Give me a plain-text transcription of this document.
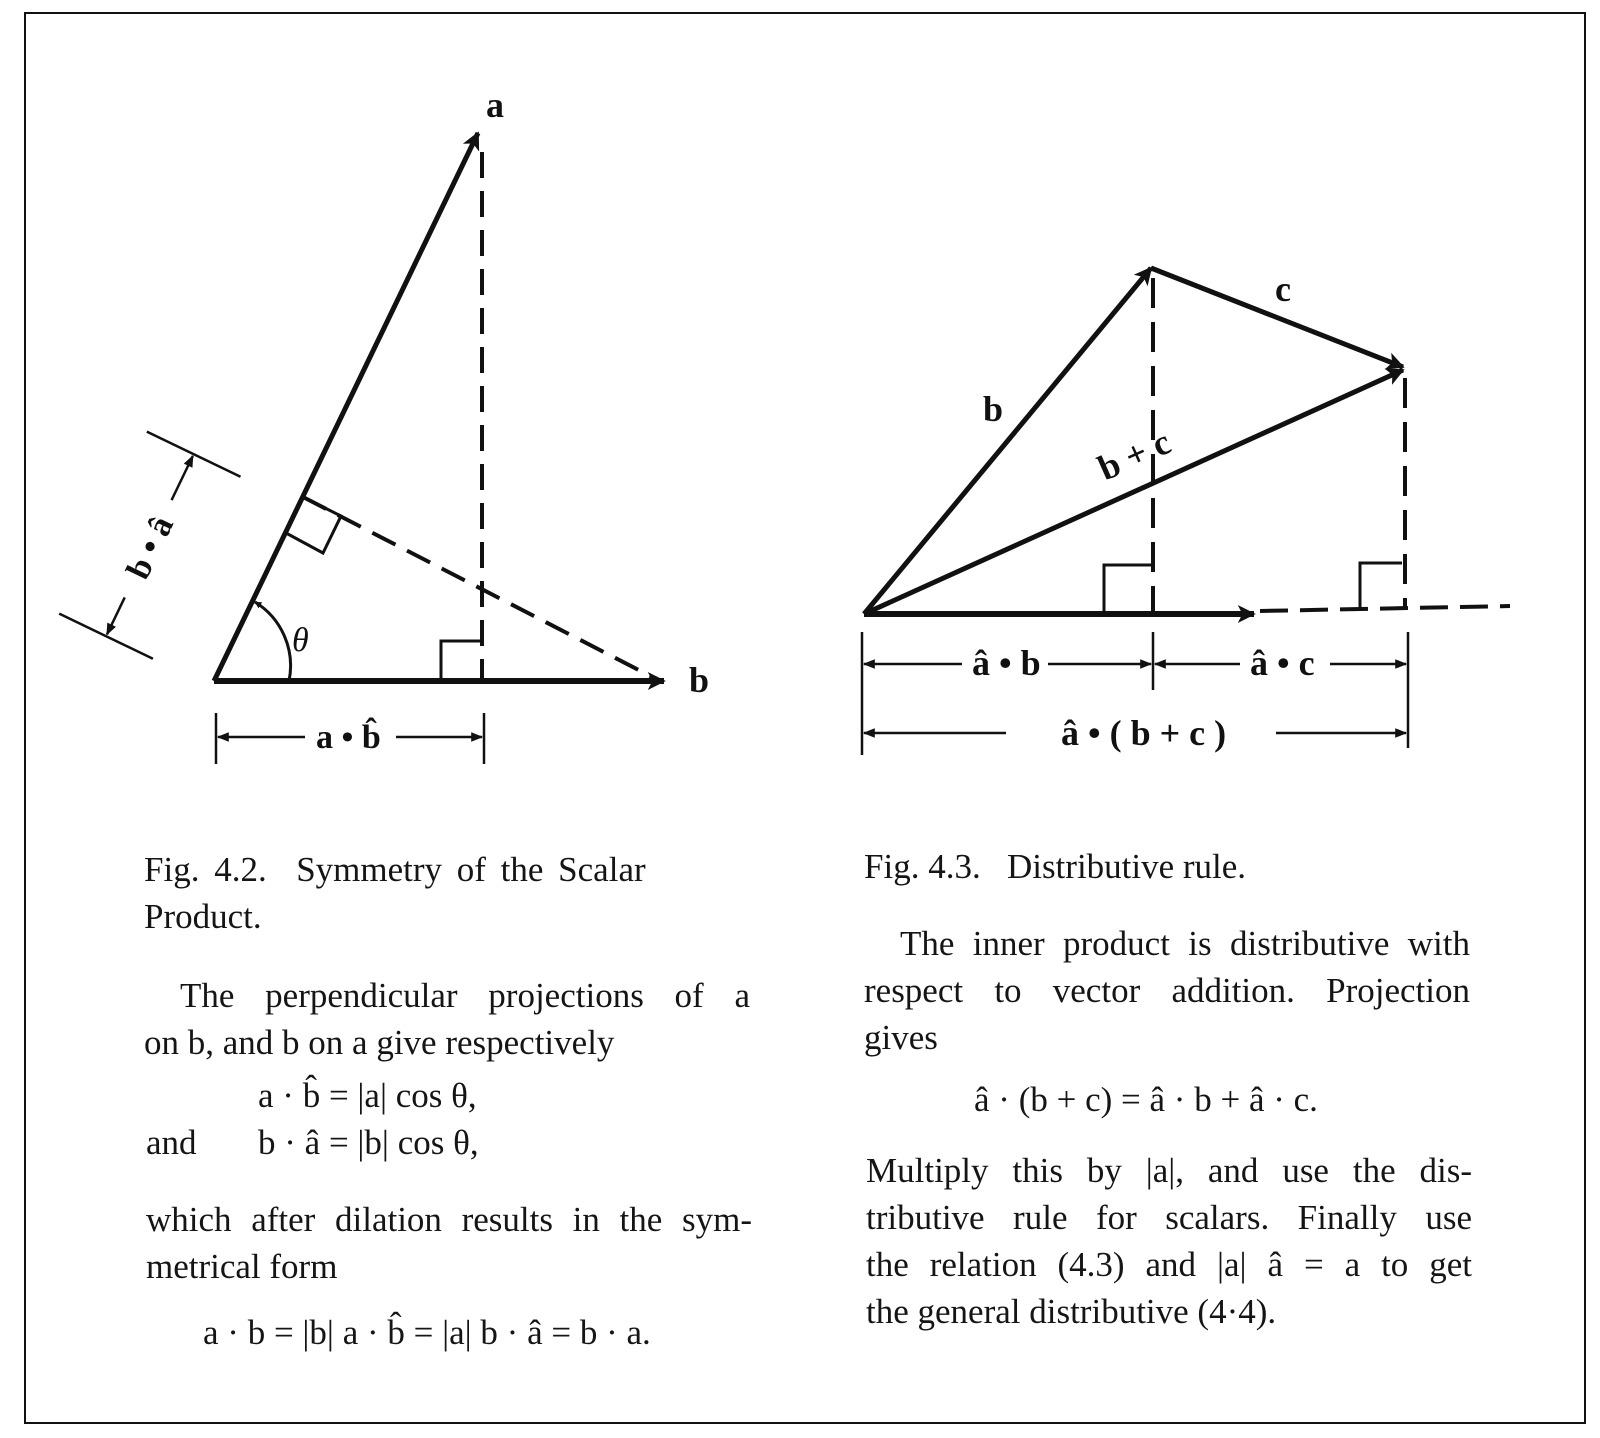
θ
a
b
a • b̂
b • â
b
c
b + c
â • b	â • c
â • ( b + c )
Fig. 4.2.  Symmetry of the Scalar
Product.
The perpendicular projections of a
on b, and b on a give respectively
a · b̂ = |a| cos θ,
and b · â = |b| cos θ,
which after dilation results in the sym-
metrical form
a · b = |b| a · b̂ = |a| b · â = b · a.
Fig. 4.3.   Distributive rule.
The inner product is distributive with
respect to vector addition. Projection
gives
â · (b + c) = â · b + â · c.
Multiply this by |a|, and use the dis-
tributive rule for scalars. Finally use
the relation (4.3) and |a| â = a to get
the general distributive (4·4).
